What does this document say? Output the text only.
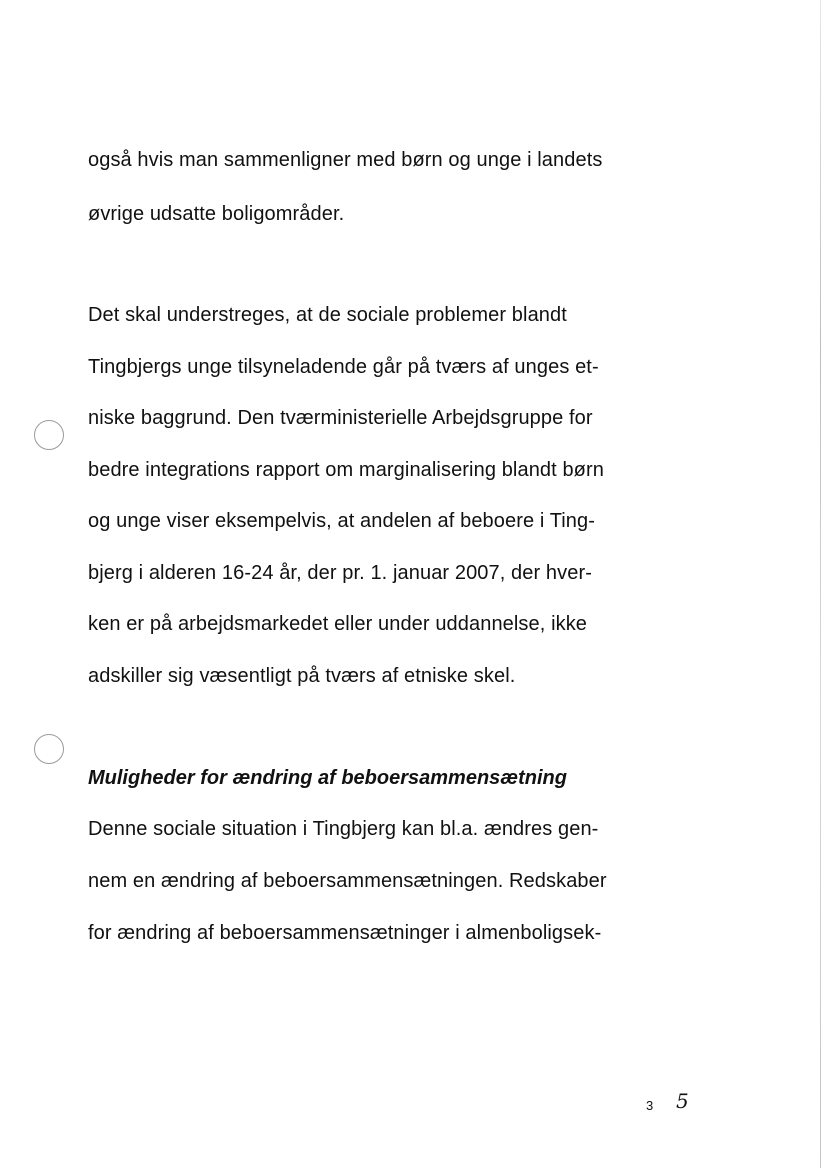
også hvis man sammenligner med børn og unge i landets
øvrige udsatte boligområder.
Det skal understreges, at de sociale problemer blandt
Tingbjergs unge tilsyneladende går på tværs af unges et-
niske baggrund. Den tværministerielle Arbejdsgruppe for
bedre integrations rapport om marginalisering blandt børn
og unge viser eksempelvis, at andelen af beboere i Ting-
bjerg i alderen 16-24 år, der pr. 1. januar 2007, der hver-
ken er på arbejdsmarkedet eller under uddannelse, ikke
adskiller sig væsentligt på tværs af etniske skel.
Muligheder for ændring af beboersammensætning
Denne sociale situation i Tingbjerg kan bl.a. ændres gen-
nem en ændring af beboersammensætningen. Redskaber
for ændring af beboersammensætninger i almenboligsek-
3 5
